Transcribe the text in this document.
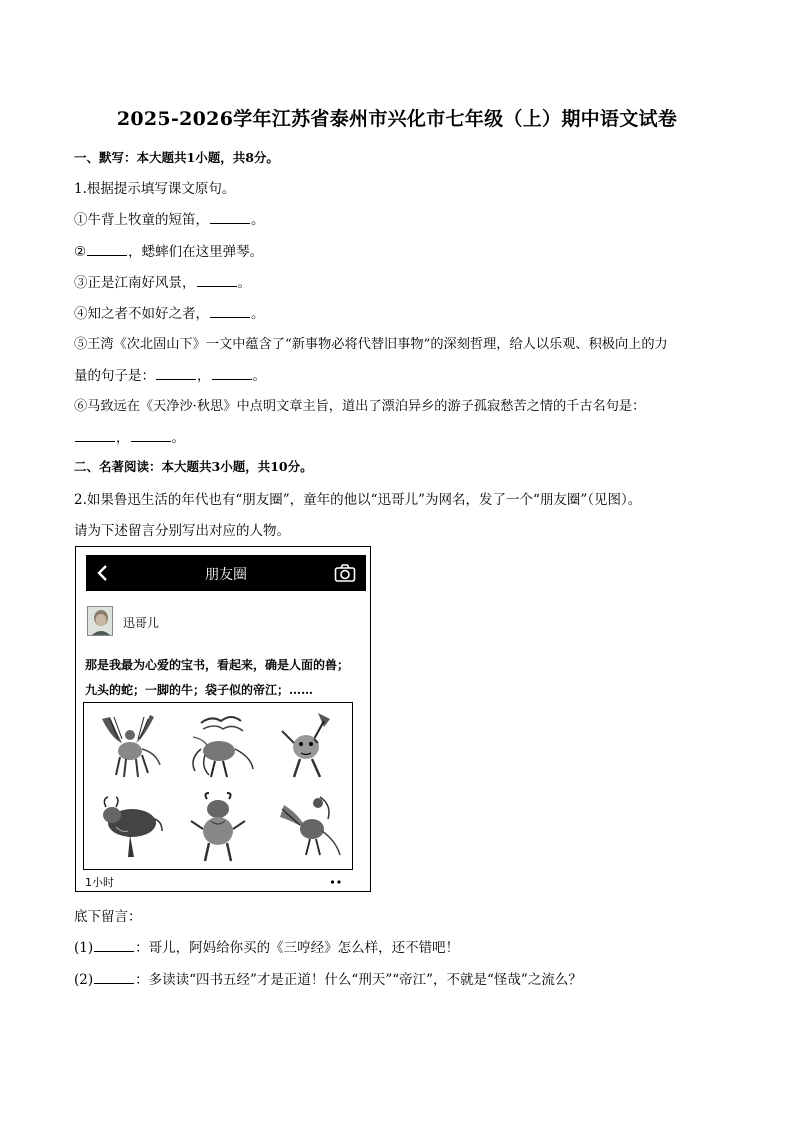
2025-2026学年江苏省泰州市兴化市七年级（上）期中语文试卷
一、默写：本大题共1小题，共8分。
1.根据提示填写课文原句。
①牛背上牧童的短笛，	。
②	，蟋蟀们在这里弹琴。
③正是江南好风景，	。
④知之者不如好之者，	。
⑤王湾《次北固山下》一文中蕴含了“新事物必将代替旧事物”的深刻哲理，给人以乐观、积极向上的力
量的句子是：	，	。
⑥马致远在《天净沙·秋思》中点明文章主旨，道出了漂泊异乡的游子孤寂愁苦之情的千古名句是：
，	。
二、名著阅读：本大题共3小题，共10分。
2.如果鲁迅生活的年代也有“朋友圈”，童年的他以“迅哥儿”为网名，发了一个“朋友圈”（见图）。
请为下述留言分别写出对应的人物。
朋友圈
迅哥儿
那是我最为心爱的宝书，看起来，确是人面的兽；
九头的蛇；一脚的牛；袋子似的帝江；……
1小时
底下留言：
(1)	：哥儿，阿妈给你买的《三哼经》怎么样，还不错吧！
(2)	：多读读“四书五经”才是正道！什么“刑天”“帝江”，不就是“怪哉”之流么？
